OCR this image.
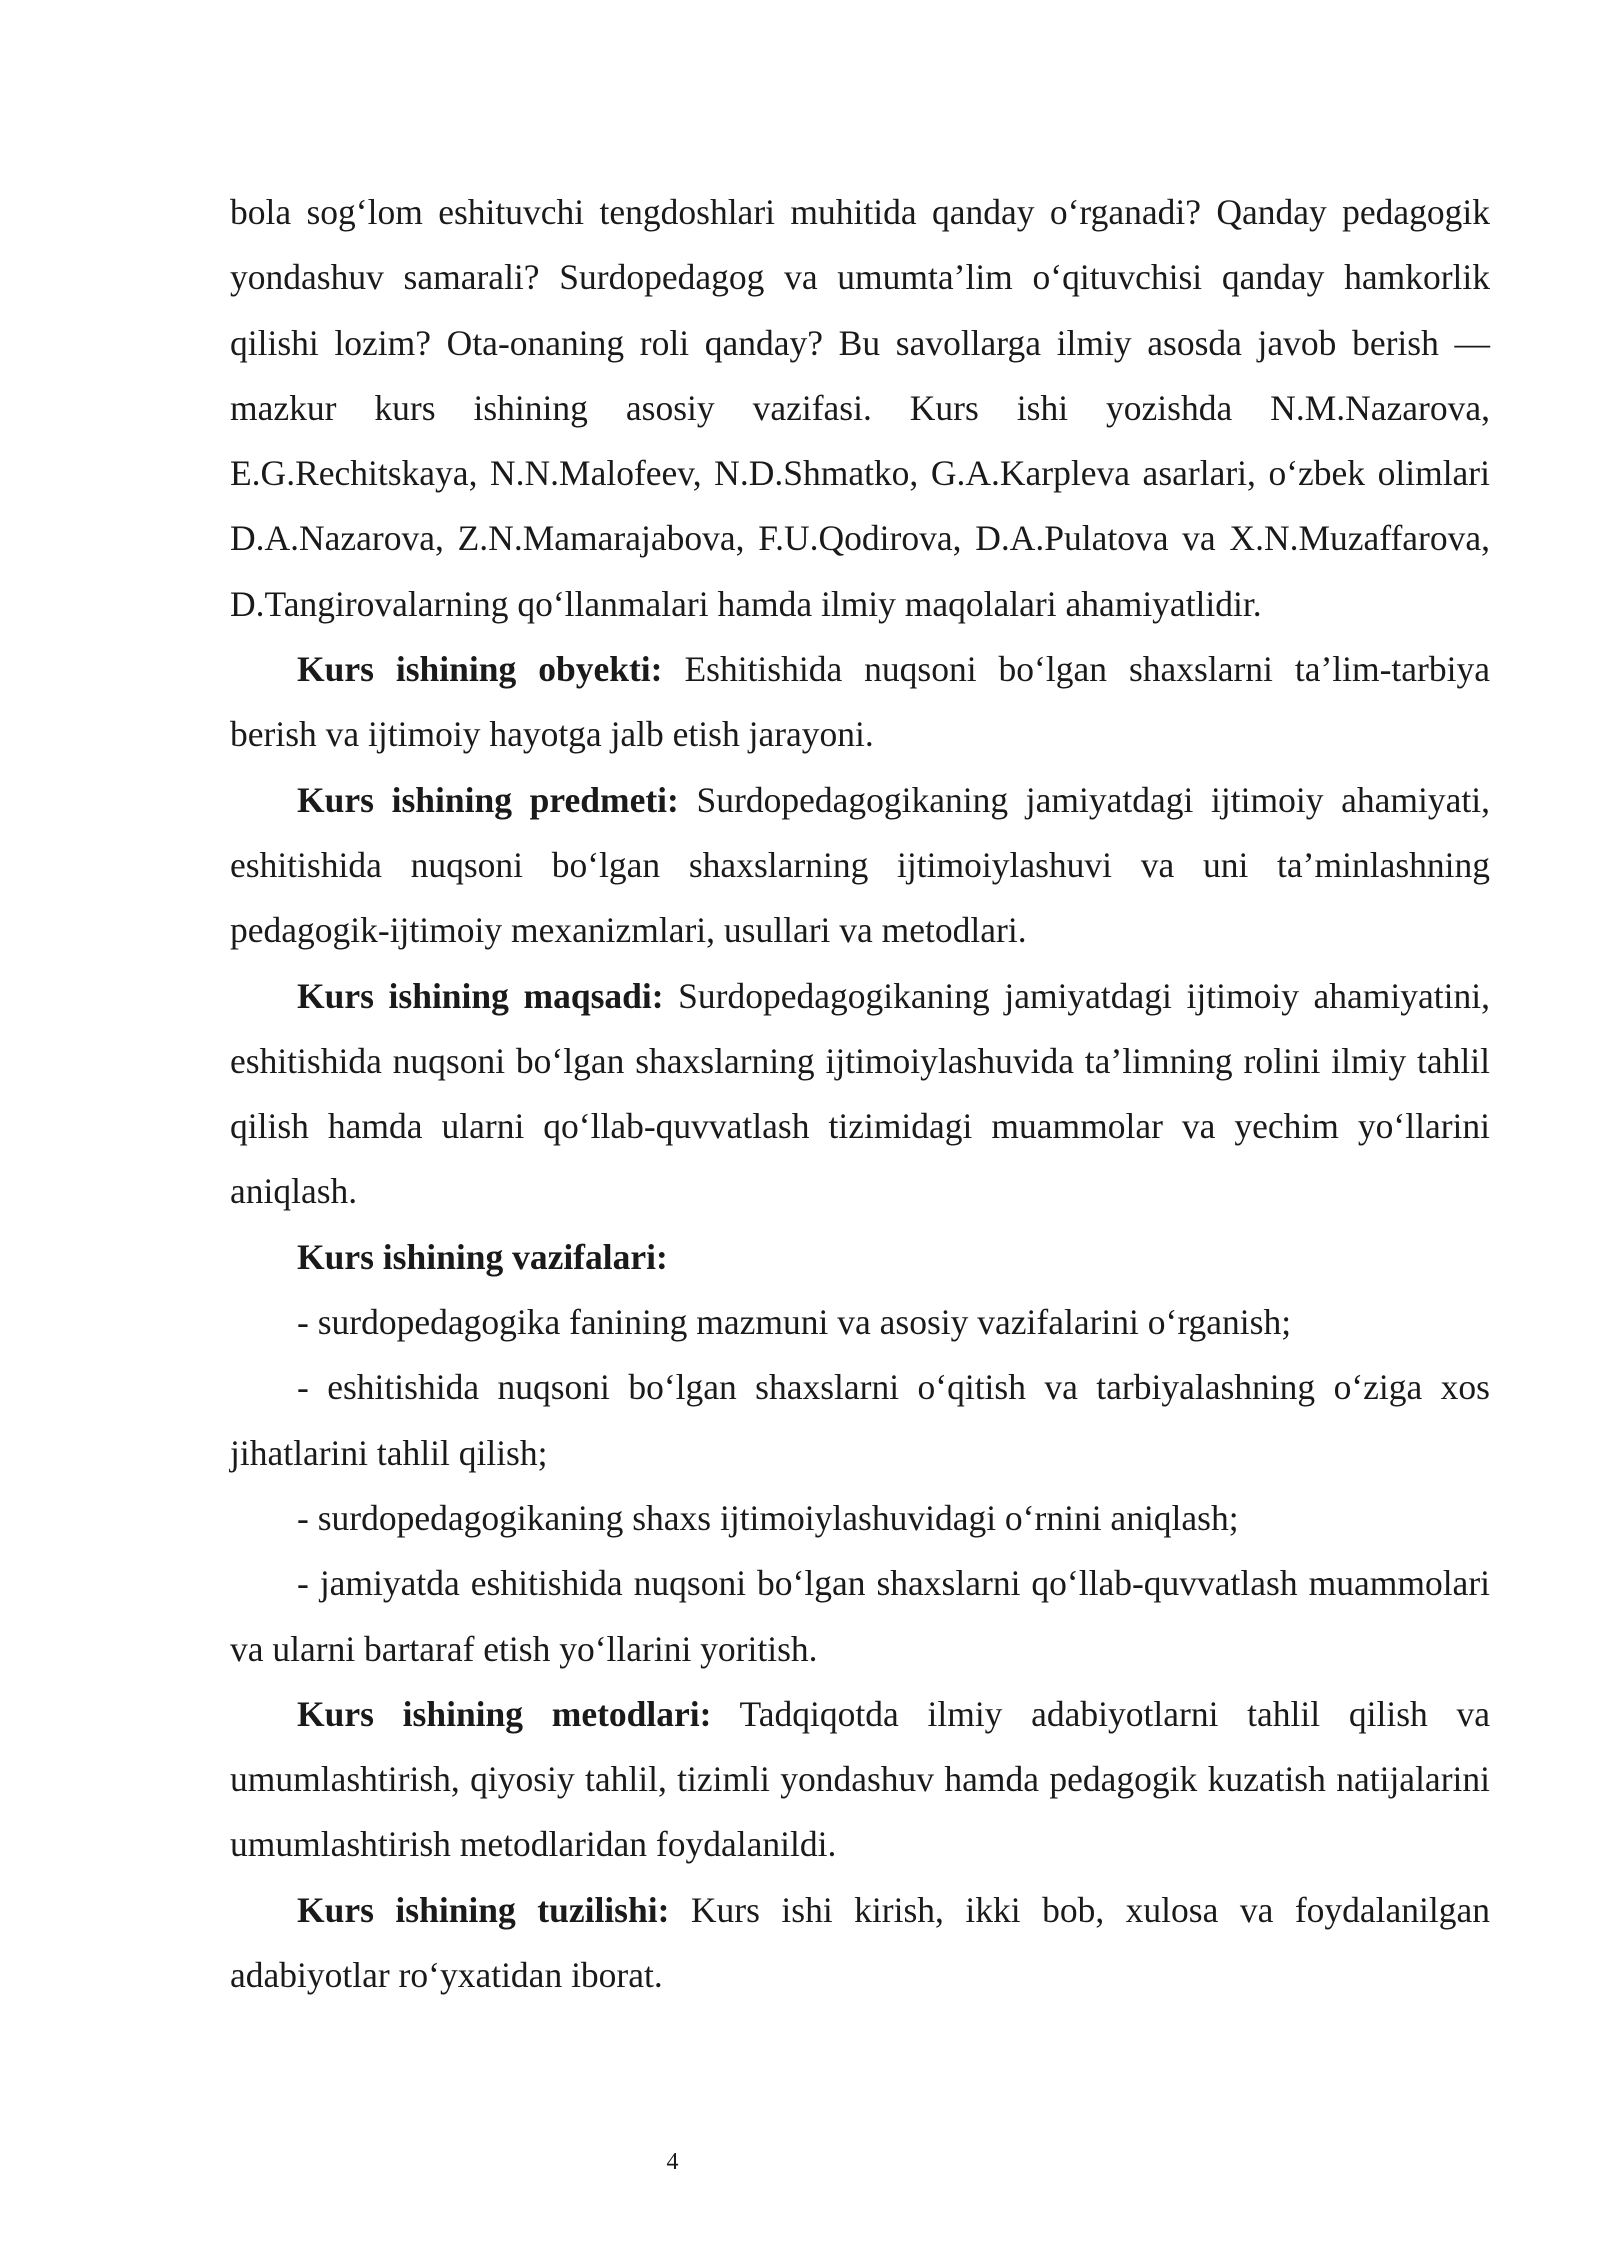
bola sog‘lom eshituvchi tengdoshlari muhitida qanday o‘rganadi? Qanday pedagogik yondashuv samarali? Surdopedagog va umumta’lim o‘qituvchisi qanday hamkorlik qilishi lozim? Ota-onaning roli qanday? Bu savollarga ilmiy asosda javob berish — mazkur kurs ishining asosiy vazifasi. Kurs ishi yozishda N.M.Nazarova, E.G.Rechitskaya, N.N.Malofeev, N.D.Shmatko, G.A.Karpleva asarlari, o‘zbek olimlari D.A.Nazarova, Z.N.Mamarajabova, F.U.Qodirova, D.A.Pulatova va X.N.Muzaffarova, D.Tangirovalarning qo‘llanmalari hamda ilmiy maqolalari ahamiyatlidir.

Kurs ishining obyekti: Eshitishida nuqsoni bo‘lgan shaxslarni ta’lim-tarbiya berish va ijtimoiy hayotga jalb etish jarayoni.

Kurs ishining predmeti: Surdopedagogikaning jamiyatdagi ijtimoiy ahamiyati, eshitishida nuqsoni bo‘lgan shaxslarning ijtimoiylashuvi va uni ta’minlashning pedagogik-ijtimoiy mexanizmlari, usullari va metodlari.

Kurs ishining maqsadi: Surdopedagogikaning jamiyatdagi ijtimoiy ahamiyatini, eshitishida nuqsoni bo‘lgan shaxslarning ijtimoiylashuvida ta’limning rolini ilmiy tahlil qilish hamda ularni qo‘llab-quvvatlash tizimidagi muammolar va yechim yo‘llarini aniqlash.

Kurs ishining vazifalari:

- surdopedagogika fanining mazmuni va asosiy vazifalarini o‘rganish;

- eshitishida nuqsoni bo‘lgan shaxslarni o‘qitish va tarbiyalashning o‘ziga xos jihatlarini tahlil qilish;

- surdopedagogikaning shaxs ijtimoiylashuvidagi o‘rnini aniqlash;

- jamiyatda eshitishida nuqsoni bo‘lgan shaxslarni qo‘llab-quvvatlash muammolari va ularni bartaraf etish yo‘llarini yoritish.

Kurs ishining metodlari: Tadqiqotda ilmiy adabiyotlarni tahlil qilish va umumlashtirish, qiyosiy tahlil, tizimli yondashuv hamda pedagogik kuzatish natijalarini umumlashtirish metodlaridan foydalanildi.

Kurs ishining tuzilishi: Kurs ishi kirish, ikki bob, xulosa va foydalanilgan adabiyotlar ro‘yxatidan iborat.

4
